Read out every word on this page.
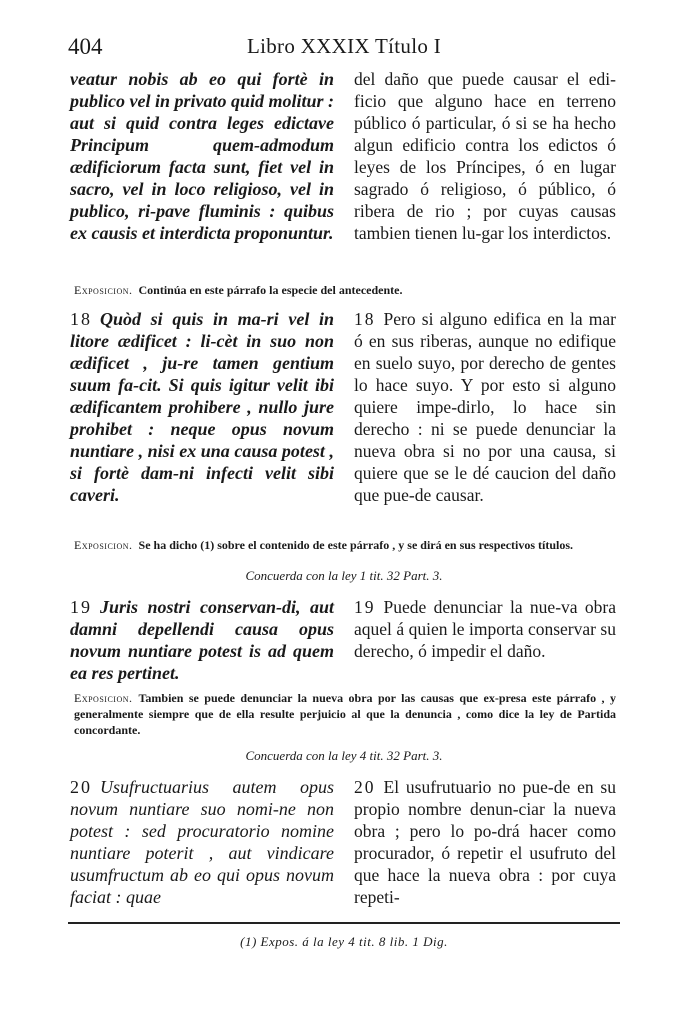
404	Libro XXXIX Título I

veatur nobis ab eo qui fortè in publico vel in privato quid molitur : aut si quid contra leges edictave Principum quem-admodum ædificiorum facta sunt, fiet vel in sacro, vel in loco religioso, vel in publico, ri-pave fluminis : quibus ex causis et interdicta proponuntur.

del daño que puede causar el edi-ficio que alguno hace en terreno público ó particular, ó si se ha hecho algun edificio contra los edictos ó leyes de los Príncipes, ó en lugar sagrado ó religioso, ó público, ó ribera de rio ; por cuyas causas tambien tienen lu-gar los interdictos.

Exposicion. Continúa en este párrafo la especie del antecedente.

18 Quòd si quis in ma-ri vel in litore ædificet : li-cèt in suo non ædificet , ju-re tamen gentium suum fa-cit. Si quis igitur velit ibi ædificantem prohibere , nullo jure prohibet : neque opus novum nuntiare , nisi ex una causa potest , si fortè dam-ni infecti velit sibi caveri.

18 Pero si alguno edifica en la mar ó en sus riberas, aunque no edifique en suelo suyo, por derecho de gentes lo hace suyo. Y por esto si alguno quiere impe-dirlo, lo hace sin derecho : ni se puede denunciar la nueva obra si no por una causa, si quiere que se le dé caucion del daño que pue-de causar.

Exposicion. Se ha dicho (1) sobre el contenido de este párrafo , y se dirá en sus respectivos títulos.
Concuerda con la ley 1 tit. 32 Part. 3.

19 Juris nostri conservan-di, aut damni depellendi causa opus novum nuntiare potest is ad quem ea res pertinet.

19 Puede denunciar la nue-va obra aquel á quien le importa conservar su derecho, ó impedir el daño.

Exposicion. Tambien se puede denunciar la nueva obra por las causas que ex-presa este párrafo , y generalmente siempre que de ella resulte perjuicio al que la denuncia , como dice la ley de Partida concordante.
Concuerda con la ley 4 tit. 32 Part. 3.

20 Usufructuarius autem opus novum nuntiare suo nomi-ne non potest : sed procuratorio nomine nuntiare poterit , aut vindicare usumfructum ab eo qui opus novum faciat : quae

20 El usufrutuario no pue-de en su propio nombre denun-ciar la nueva obra ; pero lo po-drá hacer como procurador, ó repetir el usufruto del que hace la nueva obra : por cuya repeti-

(1) Expos. á la ley 4 tit. 8 lib. 1 Dig.
